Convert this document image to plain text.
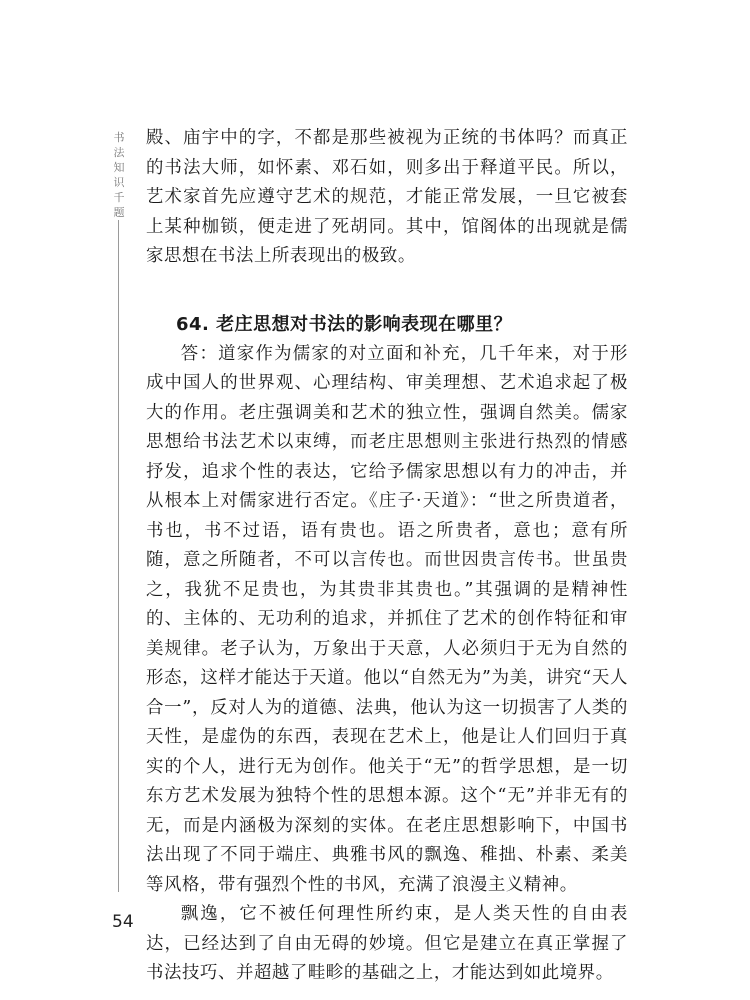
书法知识千题

殿、庙宇中的字，不都是那些被视为正统的书体吗？而真正的书法大师，如怀素、邓石如，则多出于释道平民。所以，艺术家首先应遵守艺术的规范，才能正常发展，一旦它被套上某种枷锁，便走进了死胡同。其中，馆阁体的出现就是儒家思想在书法上所表现出的极致。

64. 老庄思想对书法的影响表现在哪里？

答：道家作为儒家的对立面和补充，几千年来，对于形成中国人的世界观、心理结构、审美理想、艺术追求起了极大的作用。老庄强调美和艺术的独立性，强调自然美。儒家思想给书法艺术以束缚，而老庄思想则主张进行热烈的情感抒发，追求个性的表达，它给予儒家思想以有力的冲击，并从根本上对儒家进行否定。《庄子·天道》：“世之所贵道者，书也，书不过语，语有贵也。语之所贵者，意也；意有所随，意之所随者，不可以言传也。而世因贵言传书。世虽贵之，我犹不足贵也，为其贵非其贵也。”其强调的是精神性的、主体的、无功利的追求，并抓住了艺术的创作特征和审美规律。老子认为，万象出于天意，人必须归于无为自然的形态，这样才能达于天道。他以“自然无为”为美，讲究“天人合一”，反对人为的道德、法典，他认为这一切损害了人类的天性，是虚伪的东西，表现在艺术上，他是让人们回归于真实的个人，进行无为创作。他关于“无”的哲学思想，是一切东方艺术发展为独特个性的思想本源。这个“无”并非无有的无，而是内涵极为深刻的实体。在老庄思想影响下，中国书法出现了不同于端庄、典雅书风的飘逸、稚拙、朴素、柔美等风格，带有强烈个性的书风，充满了浪漫主义精神。

飘逸，它不被任何理性所约束，是人类天性的自由表达，已经达到了自由无碍的妙境。但它是建立在真正掌握了书法技巧、并超越了畦畛的基础之上，才能达到如此境界。

54
